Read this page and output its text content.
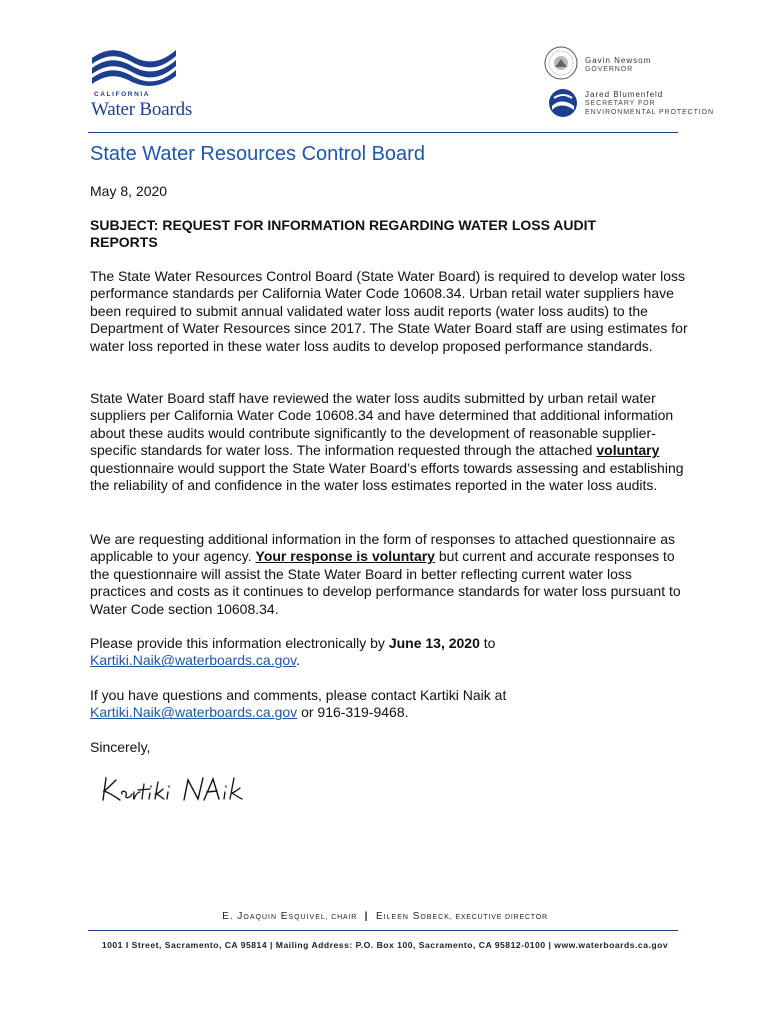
CALIFORNIA
Water Boards
Gavin Newsom
GOVERNOR
Jared Blumenfeld
SECRETARY FOR
ENVIRONMENTAL PROTECTION
State Water Resources Control Board
May 8, 2020
SUBJECT: REQUEST FOR INFORMATION REGARDING WATER LOSS AUDIT REPORTS
The State Water Resources Control Board (State Water Board) is required to develop water loss performance standards per California Water Code 10608.34. Urban retail water suppliers have been required to submit annual validated water loss audit reports (water loss audits) to the Department of Water Resources since 2017. The State Water Board staff are using estimates for water loss reported in these water loss audits to develop proposed performance standards.
State Water Board staff have reviewed the water loss audits submitted by urban retail water suppliers per California Water Code 10608.34 and have determined that additional information about these audits would contribute significantly to the development of reasonable supplier-specific standards for water loss. The information requested through the attached voluntary questionnaire would support the State Water Board’s efforts towards assessing and establishing the reliability of and confidence in the water loss estimates reported in the water loss audits.
We are requesting additional information in the form of responses to attached questionnaire as applicable to your agency. Your response is voluntary but current and accurate responses to the questionnaire will assist the State Water Board in better reflecting current water loss practices and costs as it continues to develop performance standards for water loss pursuant to Water Code section 10608.34.
Please provide this information electronically by June 13, 2020 to
Kartiki.Naik@waterboards.ca.gov.
If you have questions and comments, please contact Kartiki Naik at
Kartiki.Naik@waterboards.ca.gov or 916-319-9468.
Sincerely,
E. Joaquin Esquivel, CHAIR | Eileen Sobeck, EXECUTIVE DIRECTOR
1001 I Street, Sacramento, CA 95814 | Mailing Address: P.O. Box 100, Sacramento, CA 95812-0100 | www.waterboards.ca.gov
